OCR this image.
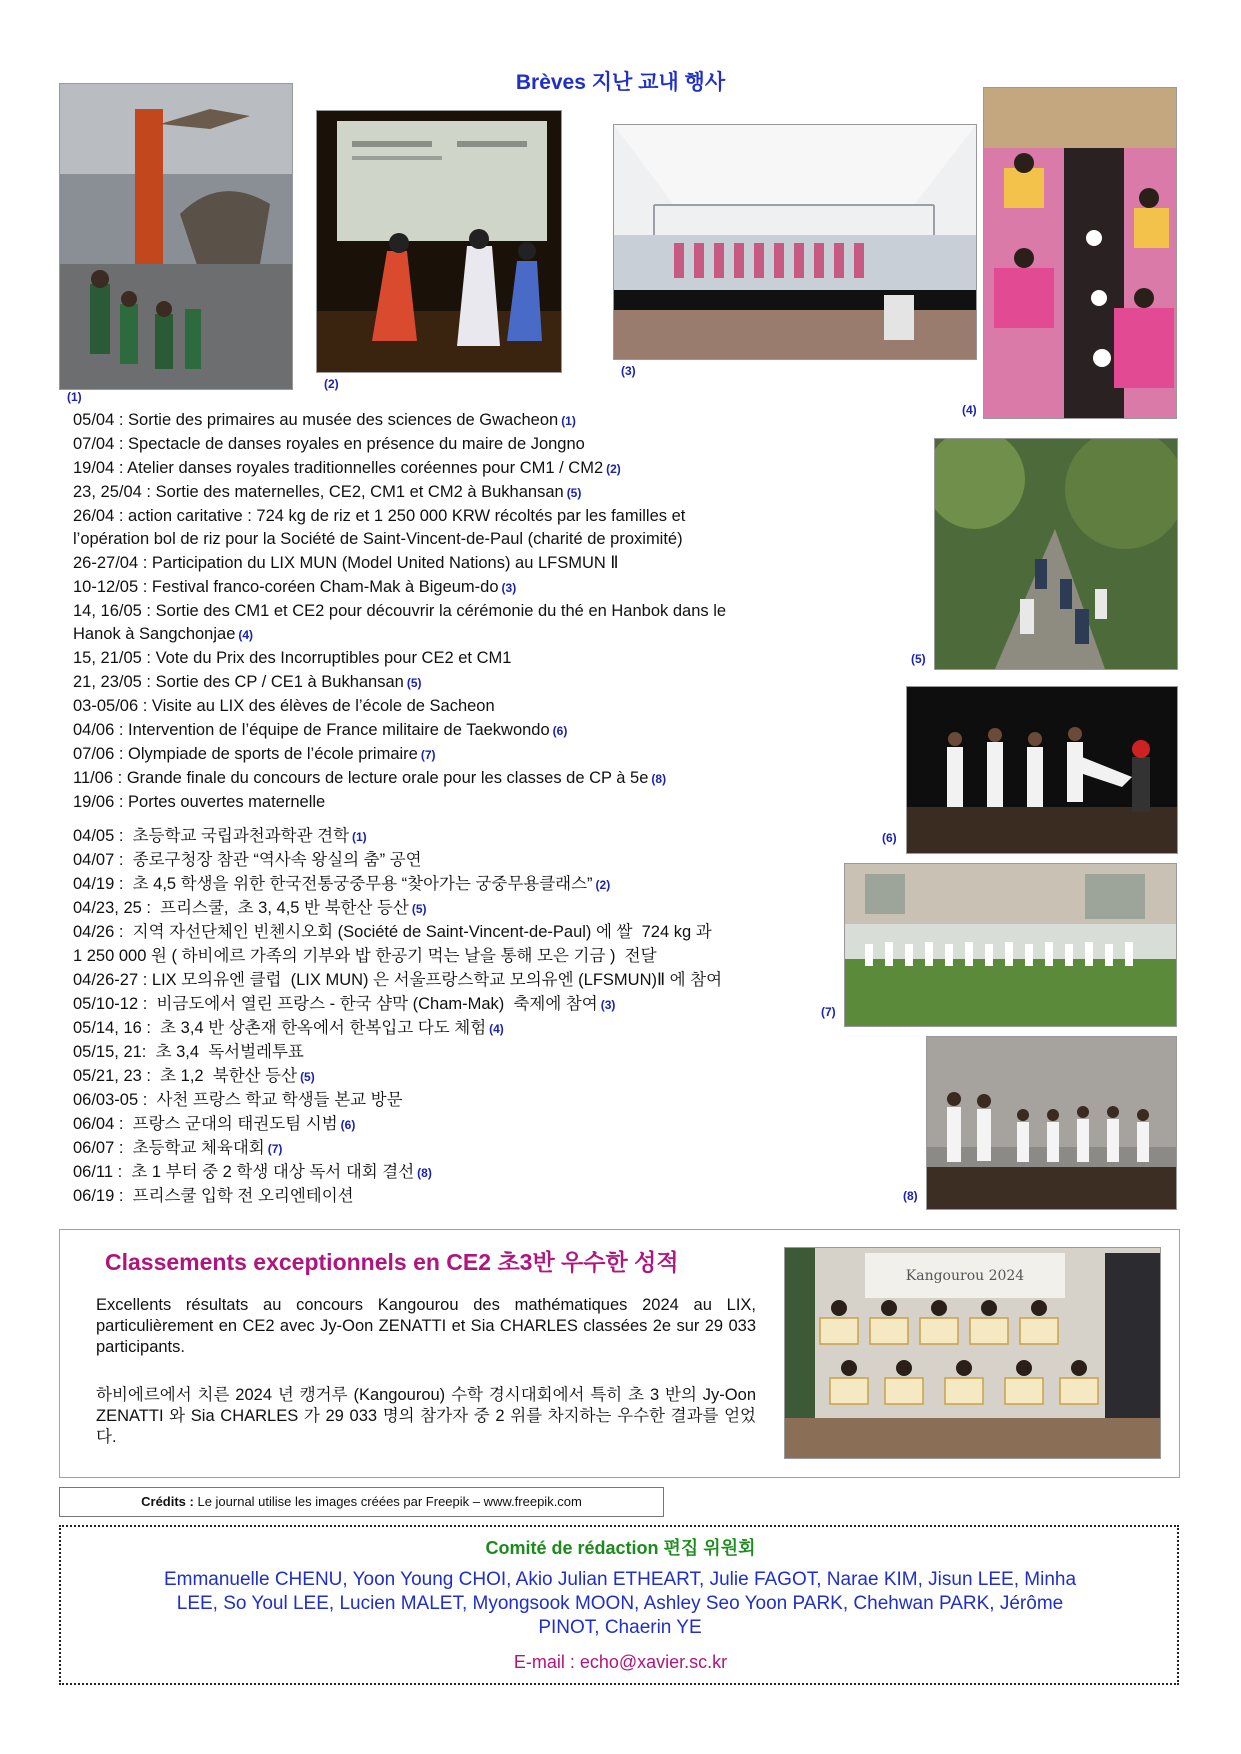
Brèves 지난 교내 행사
(1)
(2)
(3)
(4)
(5)
(6)
(7)
(8)
05/04 : Sortie des primaires au musée des sciences de Gwacheon (1)
07/04 : Spectacle de danses royales en présence du maire de Jongno
19/04 : Atelier danses royales traditionnelles coréennes pour CM1 / CM2 (2)
23, 25/04 : Sortie des maternelles, CE2, CM1 et CM2 à Bukhansan (5)
26/04 : action caritative : 724 kg de riz et 1 250 000 KRW récoltés par les familles et
l’opération bol de riz pour la Société de Saint-Vincent-de-Paul (charité de proximité)
26-27/04 : Participation du LIX MUN (Model United Nations) au LFSMUN Ⅱ
10-12/05 : Festival franco-coréen Cham-Mak à Bigeum-do (3)
14, 16/05 : Sortie des CM1 et CE2 pour découvrir la cérémonie du thé en Hanbok dans le
Hanok à Sangchonjae (4)
15, 21/05 : Vote du Prix des Incorruptibles pour CE2 et CM1
21, 23/05 : Sortie des CP / CE1 à Bukhansan (5)
03-05/06 : Visite au LIX des élèves de l’école de Sacheon
04/06 : Intervention de l’équipe de France militaire de Taekwondo (6)
07/06 : Olympiade de sports de l’école primaire (7)
11/06 : Grande finale du concours de lecture orale pour les classes de CP à 5e (8)
19/06 : Portes ouvertes maternelle
04/05 :  초등학교 국립과천과학관 견학 (1)
04/07 :  종로구청장 참관 “역사속 왕실의 춤” 공연
04/19 :  초 4,5 학생을 위한 한국전통궁중무용 “찾아가는 궁중무용클래스” (2)
04/23, 25 :  프리스쿨,  초 3, 4,5 반 북한산 등산 (5)
04/26 :  지역 자선단체인 빈첸시오회 (Société de Saint-Vincent-de-Paul) 에 쌀  724 kg 과
1 250 000 원 ( 하비에르 가족의 기부와 밥 한공기 먹는 날을 통해 모은 기금 )  전달
04/26-27 : LIX 모의유엔 클럽  (LIX MUN) 은 서울프랑스학교 모의유엔 (LFSMUN)Ⅱ 에 참여
05/10-12 :  비금도에서 열린 프랑스 - 한국 샴막 (Cham-Mak)  축제에 참여 (3)
05/14, 16 :  초 3,4 반 상촌재 한옥에서 한복입고 다도 체험 (4)
05/15, 21:  초 3,4  독서벌레투표
05/21, 23 :  초 1,2  북한산 등산 (5)
06/03-05 :  사천 프랑스 학교 학생들 본교 방문
06/04 :  프랑스 군대의 태권도팀 시범 (6)
06/07 :  초등학교 체육대회 (7)
06/11 :  초 1 부터 중 2 학생 대상 독서 대회 결선 (8)
06/19 :  프리스쿨 입학 전 오리엔테이션
Classements exceptionnels en CE2 초3반 우수한 성적
Excellents résultats au concours Kangourou des mathématiques 2024 au LIX, particulièrement en CE2 avec Jy-Oon ZENATTI et Sia CHARLES classées 2e sur 29 033 participants.
하비에르에서 치른 2024 년 캥거루 (Kangourou) 수학 경시대회에서 특히 초 3 반의 Jy-Oon ZENATTI 와 Sia CHARLES 가 29 033 명의 참가자 중 2 위를 차지하는 우수한 결과를 얻었다.
Kangourou 2024
Crédits : Le journal utilise les images créées par Freepik – www.freepik.com
Comité de rédaction 편집 위원회
Emmanuelle CHENU, Yoon Young CHOI, Akio Julian ETHEART, Julie FAGOT, Narae KIM, Jisun LEE, Minha LEE, So Youl LEE, Lucien MALET, Myongsook MOON, Ashley Seo Yoon PARK, Chehwan PARK, Jérôme PINOT, Chaerin YE
E-mail : echo@xavier.sc.kr
